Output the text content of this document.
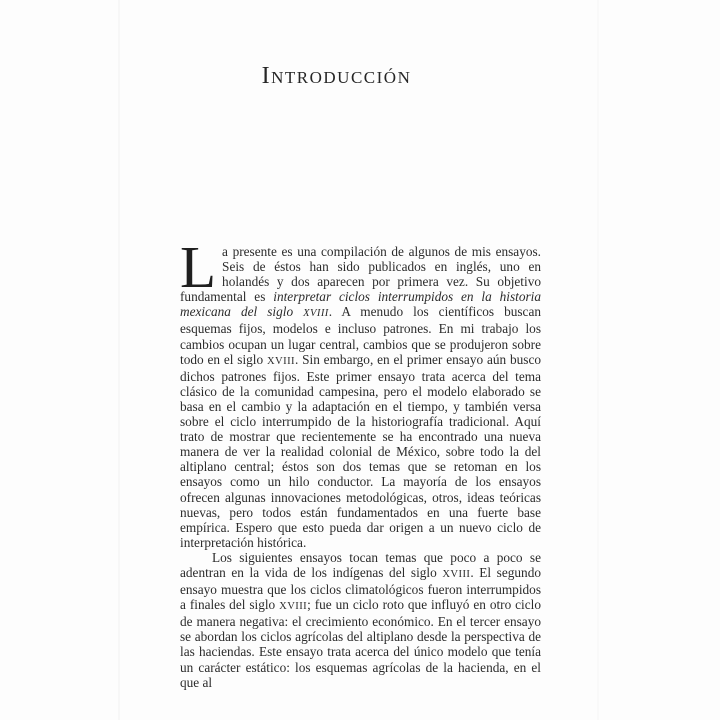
Introducción

La presente es una compilación de algunos de mis ensayos. Seis de éstos han sido publicados en inglés, uno en holandés y dos aparecen por primera vez. Su objetivo fundamental es interpretar ciclos interrumpidos en la historia mexicana del siglo XVIII. A menudo los científicos buscan esquemas fijos, modelos e incluso patrones. En mi trabajo los cambios ocupan un lugar central, cambios que se produjeron sobre todo en el siglo XVIII. Sin embargo, en el primer ensayo aún busco dichos patrones fijos. Este primer ensayo trata acerca del tema clásico de la comunidad campesina, pero el modelo elaborado se basa en el cambio y la adaptación en el tiempo, y también versa sobre el ciclo interrumpido de la historiografía tradicional. Aquí trato de mostrar que recientemente se ha encontrado una nueva manera de ver la realidad colonial de México, sobre todo la del altiplano central; éstos son dos temas que se retoman en los ensayos como un hilo conductor. La mayoría de los ensayos ofrecen algunas innovaciones metodológicas, otros, ideas teóricas nuevas, pero todos están fundamentados en una fuerte base empírica. Espero que esto pueda dar origen a un nuevo ciclo de interpretación histórica.

Los siguientes ensayos tocan temas que poco a poco se adentran en la vida de los indígenas del siglo XVIII. El segundo ensayo muestra que los ciclos climatológicos fueron interrumpidos a finales del siglo XVIII; fue un ciclo roto que influyó en otro ciclo de manera negativa: el crecimiento económico. En el tercer ensayo se abordan los ciclos agrícolas del altiplano desde la perspectiva de las haciendas. Este ensayo trata acerca del único modelo que tenía un carácter estático: los esquemas agrícolas de la hacienda, en el que al
